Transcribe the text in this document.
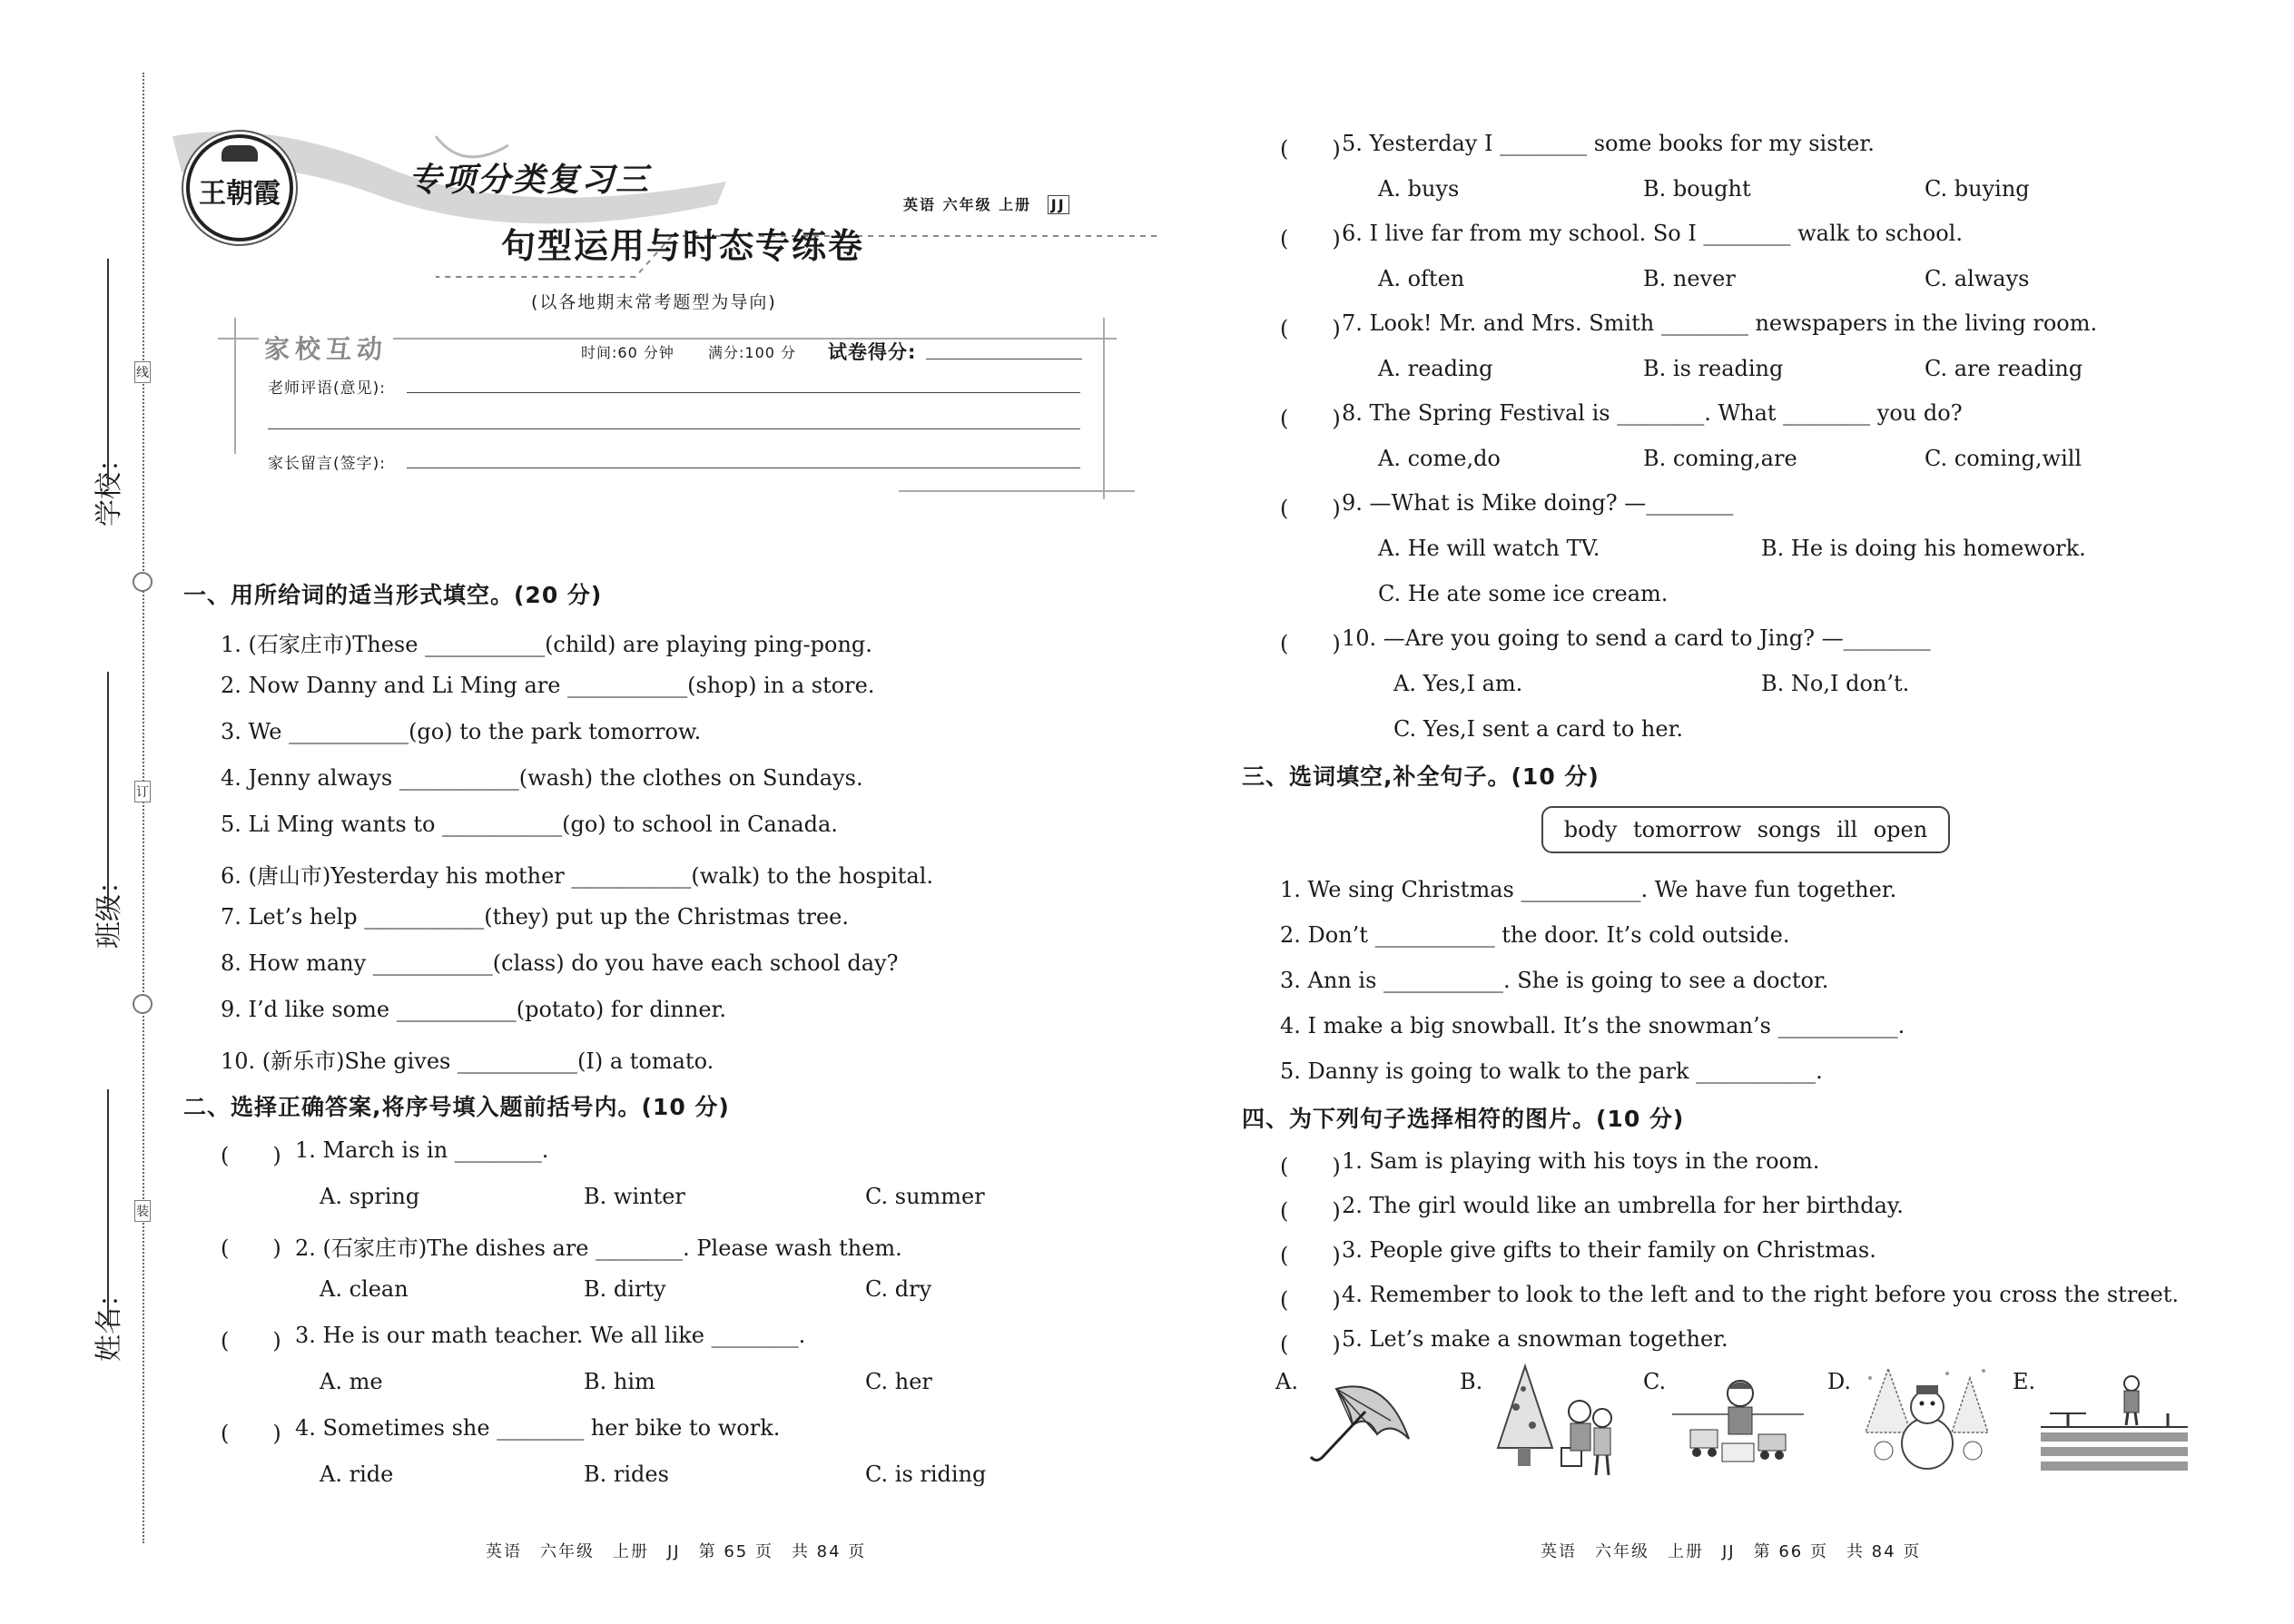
线
订
装
学校：
班级：
姓名：
王朝霞	专项分类复习三
句型运用与时态专练卷
(以各地期末常考题型为导向)
英语 六年级 上册 JJ
家校互动	时间:60 分钟 满分:100 分 试卷得分:
老师评语(意见):
家长留言(签字):
一、用所给词的适当形式填空。(20 分)
1. (石家庄市)These ___________(child) are playing ping-pong.
2. Now Danny and Li Ming are ___________(shop) in a store.
3. We ___________(go) to the park tomorrow.
4. Jenny always ___________(wash) the clothes on Sundays.
5. Li Ming wants to ___________(go) to school in Canada.
6. (唐山市)Yesterday his mother ___________(walk) to the hospital.
7. Let’s help ___________(they) put up the Christmas tree.
8. How many ___________(class) do you have each school day?
9. I’d like some ___________(potato) for dinner.
10. (新乐市)She gives ___________(I) a tomato.
二、选择正确答案,将序号填入题前括号内。(10 分)
(　　) 1. March is in ________.
A. spring	B. winter	C. summer
(　　) 2. (石家庄市)The dishes are ________. Please wash them.
A. clean	B. dirty	C. dry
(　　) 3. He is our math teacher. We all like ________.
A. me	B. him	C. her
(　　) 4. Sometimes she ________ her bike to work.
A. ride	B. rides	C. is riding
英语　六年级　上册　JJ　第 65 页　共 84 页
(　　) 5. Yesterday I ________ some books for my sister.
A. buys	B. bought	C. buying
(　　) 6. I live far from my school. So I ________ walk to school.
A. often	B. never	C. always
(　　) 7. Look! Mr. and Mrs. Smith ________ newspapers in the living room.
A. reading	B. is reading	C. are reading
(　　) 8. The Spring Festival is ________. What ________ you do?
A. come,do	B. coming,are	C. coming,will
(　　) 9. —What is Mike doing? —________
A. He will watch TV.	B. He is doing his homework.
C. He ate some ice cream.
(　　) 10. —Are you going to send a card to Jing? —________
A. Yes,I am.	B. No,I don’t.
C. Yes,I sent a card to her.
三、选词填空,补全句子。(10 分)
body tomorrow songs ill open
1. We sing Christmas ___________. We have fun together.
2. Don’t ___________ the door. It’s cold outside.
3. Ann is ___________. She is going to see a doctor.
4. I make a big snowball. It’s the snowman’s ___________.
5. Danny is going to walk to the park ___________.
四、为下列句子选择相符的图片。(10 分)
(　　) 1. Sam is playing with his toys in the room.
(　　) 2. The girl would like an umbrella for her birthday.
(　　) 3. People give gifts to their family on Christmas.
(　　) 4. Remember to look to the left and to the right before you cross the street.
(　　) 5. Let’s make a snowman together.
A.	B.	C.	D.	E.
英语　六年级　上册　JJ　第 66 页　共 84 页
